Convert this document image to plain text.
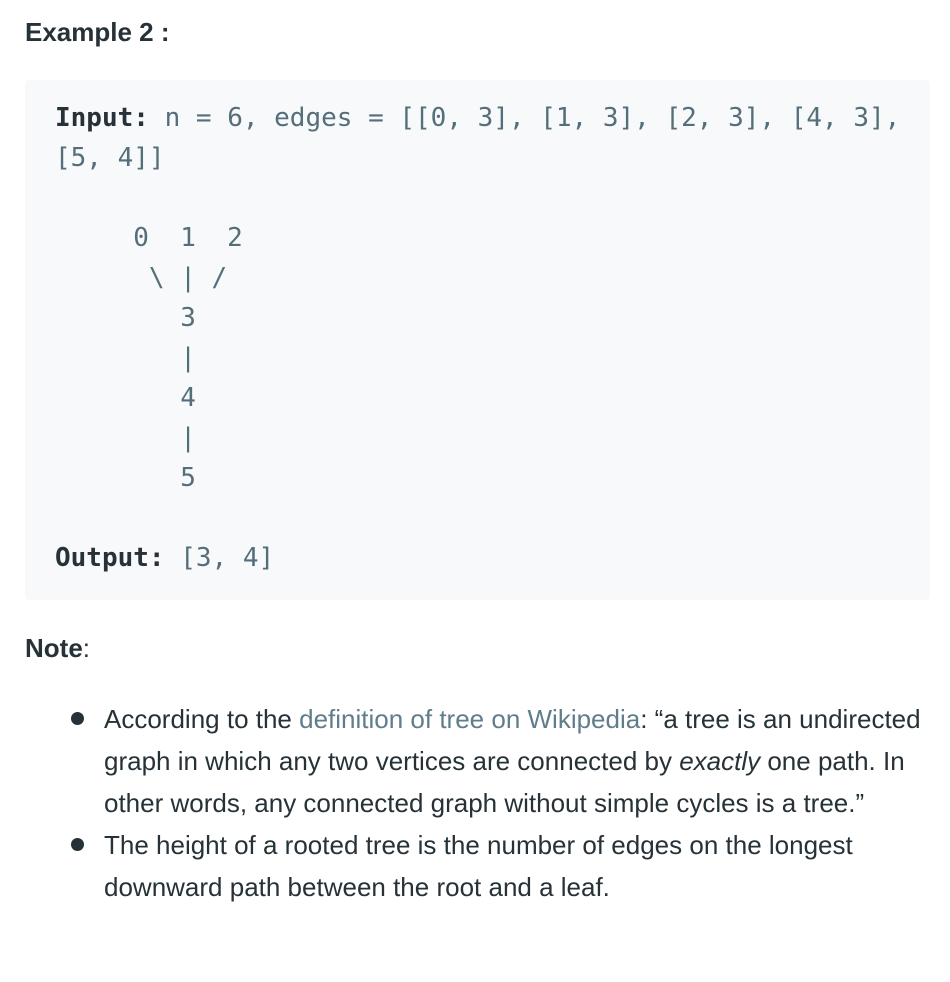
Example 2 :
Input: n = 6, edges = [[0, 3], [1, 3], [2, 3], [4, 3],
[5, 4]]
0  1  2
\ | /
3
|
4
|
5
Output: [3, 4]

Note:

According to the definition of tree on Wikipedia: “a tree is an undirected graph in which any two vertices are connected by exactly one path. In other words, any connected graph without simple cycles is a tree.”
The height of a rooted tree is the number of edges on the longest downward path between the root and a leaf.
